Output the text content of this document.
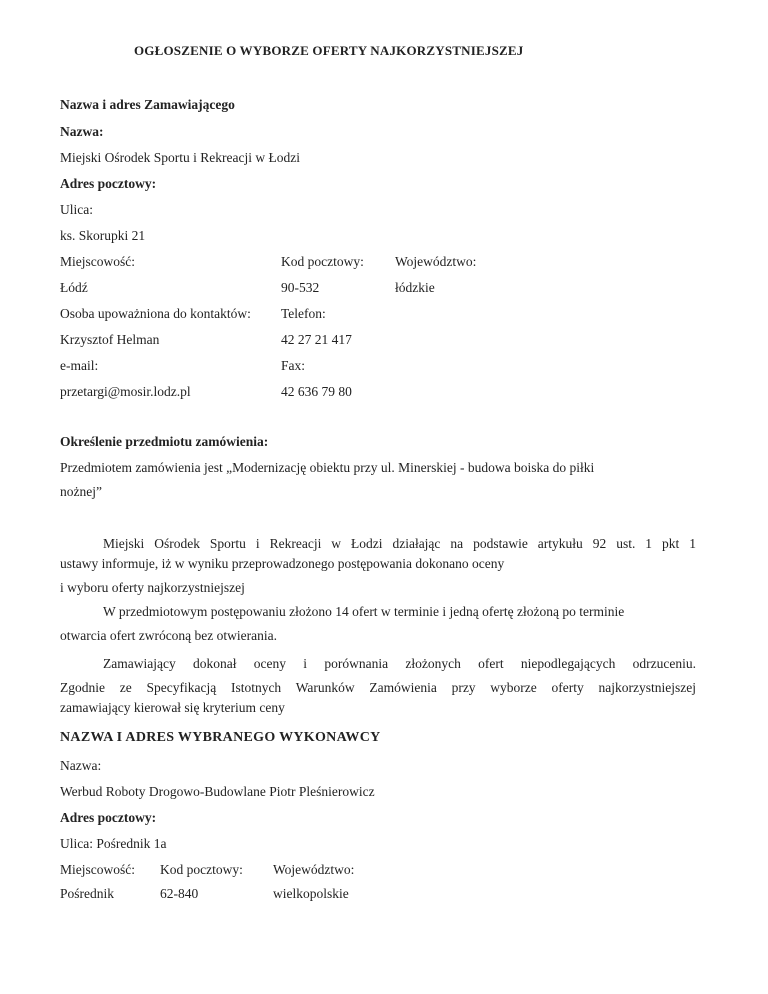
OGŁOSZENIE O WYBORZE OFERTY NAJKORZYSTNIEJSZEJ
Nazwa i adres Zamawiającego
Nazwa:
Miejski Ośrodek Sportu i Rekreacji w Łodzi
Adres pocztowy:
Ulica:
ks. Skorupki 21
Miejscowość:	Kod pocztowy: Województwo:
Łódź	90-532	łódzkie
Osoba upoważniona do kontaktów: Telefon:
Krzysztof Helman	42 27 21 417
e-mail:	Fax:
przetargi@mosir.lodz.pl	42 636 79 80
Określenie przedmiotu zamówienia:
Przedmiotem zamówienia jest „Modernizację obiektu przy ul. Minerskiej - budowa boiska do piłki
nożnej”
Miejski Ośrodek Sportu i Rekreacji w Łodzi działając na podstawie artykułu 92 ust. 1 pkt 1
ustawy informuje, iż w wyniku przeprowadzonego postępowania dokonano oceny
i wyboru oferty najkorzystniejszej
W przedmiotowym postępowaniu złożono 14 ofert w terminie i jedną ofertę złożoną po terminie
otwarcia ofert zwróconą bez otwierania.
Zamawiający dokonał oceny i porównania złożonych ofert niepodlegających odrzuceniu.
Zgodnie ze Specyfikacją Istotnych Warunków Zamówienia przy wyborze oferty najkorzystniejszej
zamawiający kierował się kryterium ceny
NAZWA I ADRES WYBRANEGO WYKONAWCY
Nazwa:
Werbud Roboty Drogowo-Budowlane Piotr Pleśnierowicz
Adres pocztowy:
Ulica: Pośrednik 1a
Miejscowość: Kod pocztowy: Województwo:
Pośrednik	62-840	wielkopolskie
